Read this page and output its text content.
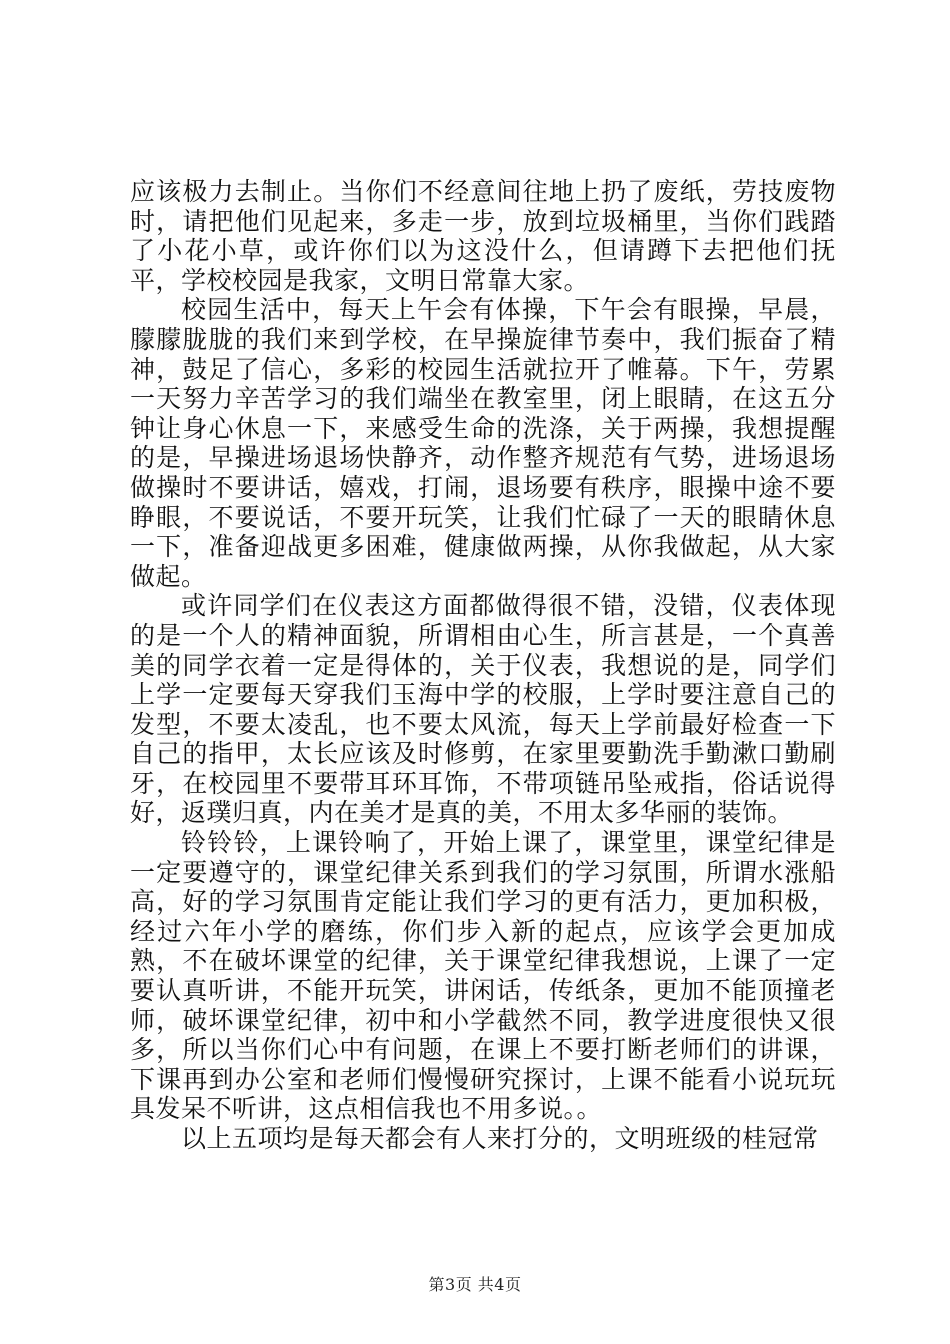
应该极力去制止。当你们不经意间往地上扔了废纸，劳技废物时，请把他们见起来，多走一步，放到垃圾桶里，当你们践踏了小花小草，或许你们以为这没什么，但请蹲下去把他们抚平，学校校园是我家，文明日常靠大家。

校园生活中，每天上午会有体操，下午会有眼操，早晨，朦朦胧胧的我们来到学校，在早操旋律节奏中，我们振奋了精神，鼓足了信心，多彩的校园生活就拉开了帷幕。下午，劳累一天努力辛苦学习的我们端坐在教室里，闭上眼睛，在这五分钟让身心休息一下，来感受生命的洗涤，关于两操，我想提醒的是，早操进场退场快静齐，动作整齐规范有气势，进场退场做操时不要讲话，嬉戏，打闹，退场要有秩序，眼操中途不要睁眼，不要说话，不要开玩笑，让我们忙碌了一天的眼睛休息一下，准备迎战更多困难，健康做两操，从你我做起，从大家做起。

或许同学们在仪表这方面都做得很不错，没错，仪表体现的是一个人的精神面貌，所谓相由心生，所言甚是，一个真善美的同学衣着一定是得体的，关于仪表，我想说的是，同学们上学一定要每天穿我们玉海中学的校服，上学时要注意自己的发型，不要太凌乱，也不要太风流，每天上学前最好检查一下自己的指甲，太长应该及时修剪，在家里要勤洗手勤漱口勤刷牙，在校园里不要带耳环耳饰，不带项链吊坠戒指，俗话说得好，返璞归真，内在美才是真的美，不用太多华丽的装饰。

铃铃铃，上课铃响了，开始上课了，课堂里，课堂纪律是一定要遵守的，课堂纪律关系到我们的学习氛围，所谓水涨船高，好的学习氛围肯定能让我们学习的更有活力，更加积极，经过六年小学的磨练，你们步入新的起点，应该学会更加成熟，不在破坏课堂的纪律，关于课堂纪律我想说，上课了一定要认真听讲，不能开玩笑，讲闲话，传纸条，更加不能顶撞老师，破坏课堂纪律，初中和小学截然不同，教学进度很快又很多，所以当你们心中有问题，在课上不要打断老师们的讲课，下课再到办公室和老师们慢慢研究探讨，上课不能看小说玩玩具发呆不听讲，这点相信我也不用多说。。

以上五项均是每天都会有人来打分的，文明班级的桂冠常

第3页 共4页
